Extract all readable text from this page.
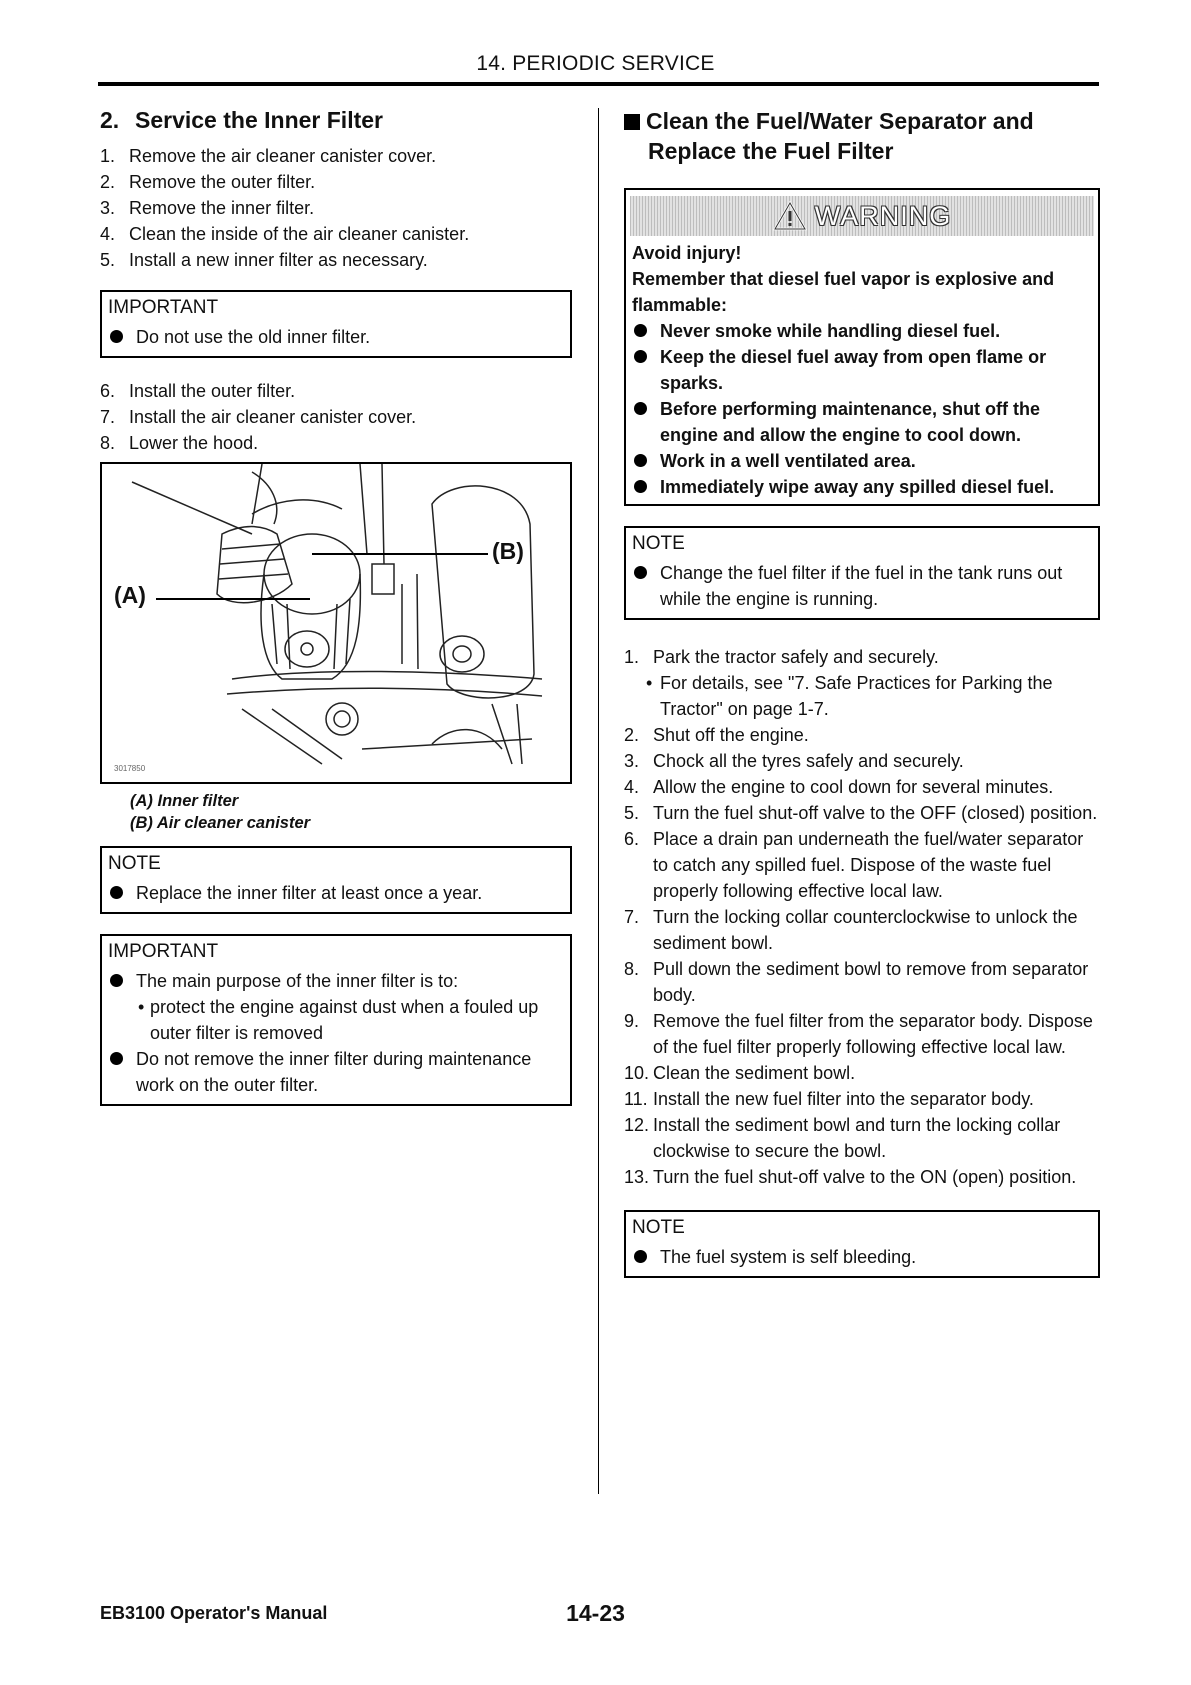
14. PERIODIC SERVICE
2. Service the Inner Filter
1. Remove the air cleaner canister cover.
2. Remove the outer filter.
3. Remove the inner filter.
4. Clean the inside of the air cleaner canister.
5. Install a new inner filter as necessary.
IMPORTANT
Do not use the old inner filter.
6. Install the outer filter.
7. Install the air cleaner canister cover.
8. Lower the hood.
(A)
(B)
3017850
(A) Inner filter
(B) Air cleaner canister
NOTE
Replace the inner filter at least once a year.
IMPORTANT
The main purpose of the inner filter is to:
• protect the engine against dust when a fouled up outer filter is removed
Do not remove the inner filter during maintenance work on the outer filter.
Clean the Fuel/Water Separator and Replace the Fuel Filter
WARNING
Avoid injury!
Remember that diesel fuel vapor is explosive and flammable:
Never smoke while handling diesel fuel.
Keep the diesel fuel away from open flame or sparks.
Before performing maintenance, shut off the engine and allow the engine to cool down.
Work in a well ventilated area.
Immediately wipe away any spilled diesel fuel.
NOTE
Change the fuel filter if the fuel in the tank runs out while the engine is running.
1. Park the tractor safely and securely.
• For details, see "7. Safe Practices for Parking the Tractor" on page 1-7.
2. Shut off the engine.
3. Chock all the tyres safely and securely.
4. Allow the engine to cool down for several minutes.
5. Turn the fuel shut-off valve to the OFF (closed) position.
6. Place a drain pan underneath the fuel/water separator to catch any spilled fuel. Dispose of the waste fuel properly following effective local law.
7. Turn the locking collar counterclockwise to unlock the sediment bowl.
8. Pull down the sediment bowl to remove from separator body.
9. Remove the fuel filter from the separator body. Dispose of the fuel filter properly following effective local law.
10. Clean the sediment bowl.
11. Install the new fuel filter into the separator body.
12. Install the sediment bowl and turn the locking collar clockwise to secure the bowl.
13. Turn the fuel shut-off valve to the ON (open) position.
NOTE
The fuel system is self bleeding.
EB3100 Operator's Manual	14-23
